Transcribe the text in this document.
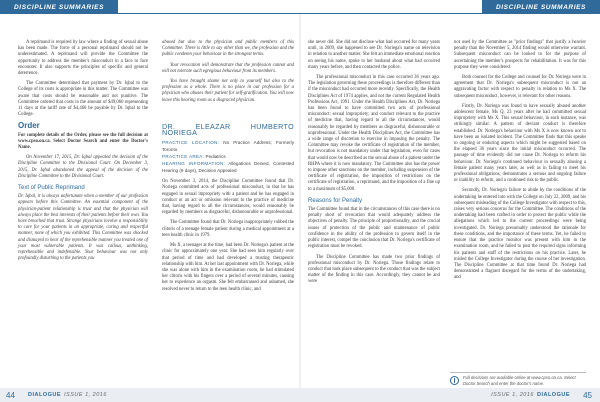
DISCIPLINE SUMMARIES	DISCIPLINE SUMMARIES

A reprimand is required by law where a finding of sexual abuse has been made. The force of a personal reprimand should not be underestimated. A reprimand will provide the Committee the opportunity to address the member's misconduct in a face to face encounter. It also supports the principles of specific and general deterrence.

The Committee determined that payment by Dr. Iqbal to the College of its costs is appropriate in this matter. The Committee was aware that costs should be reasonable and not punitive. The Committee ordered that costs in the amount of $49,060 representing 11 days at the tariff rate of $4,460 be payable by Dr. Iqbal to the College.

Order

For complete details of the Order, please see the full decision at www.cpso.on.ca. Select Doctor Search and enter the Doctor's Name.

On November 17, 2015, Dr. Iqbal appealed the decision of the Discipline Committee to the Divisional Court. On December 3, 2015, Dr. Iqbal abandoned the appeal of the decision of the Discipline Committee to the Divisional Court.

Text of Public Reprimand

Dr. Iqbal, it is always unfortunate when a member of our profession appears before this Committee. An essential component of the physician-patient relationship is trust and that the physician will always place the best interests of their patients before their own. You have breached that trust. Strange physicians involve a responsibility to care for your patients in an appropriate, caring and respectful manner, none of which you exhibited. This Committee was shocked and dismayed to hear of the reprehensible manner you treated one of your most vulnerable patients. It was callous, unthinking, reprehensible and indefensible. Your behaviour was not only profoundly disturbing to the patients you

abused but also to the physician and public members of this Committee. There is little to say other than we, the profession and the public condemn your behaviour in the strongest terms.

Your revocation will demonstrate that the profession cannot and will not tolerate such egregious behaviour from its members.

You have brought shame not only to yourself but also to the profession as a whole. There is no place in our profession for a physician who abuses their patient for self-gratification. You will now leave this hearing room as a disgraced physician.

DR. ELEAZAR HUMBERTO NORIEGA
PRACTICE LOCATION: No Practice Address; Formerly Toronto
PRACTICE AREA: Pediatrics
HEARING INFORMATION: Allegations Denied, Contested Hearing (9 days), Decision Appealed

On November 3, 2014, the Discipline Committee found that Dr. Noriega committed acts of professional misconduct, in that he has engaged in sexual impropriety with a patient and he has engaged in conduct or an act or omission relevant to the practice of medicine that, having regard to all the circumstances, would reasonably be regarded by members as disgraceful, dishonourable or unprofessional.

The Committee found that Dr. Noriega inappropriately rubbed the clitoris of a teenage female patient during a medical appointment at a teen health clinic in 1979.

Ms X, a teenager at the time, had been Dr. Noriega's patient at the clinic for approximately one year. She had seen him regularly over that period of time and had developed a trusting therapeutic relationship with him. At her last appointment with Dr. Noriega, while she was alone with him in the examination room, he had stimulated her clitoris with his fingers over a period of several minutes, causing her to experience an orgasm. She felt embarrassed and ashamed, she resolved never to return to the teen health clinic, and

she never did. She did not disclose what had occurred for many years until, in 2009, she happened to see Dr. Noriega's name on television in relation to another matter. She felt an immediate emotional reaction on seeing his name, spoke to her husband about what had occurred many years before, and then contacted the police.

The professional misconduct in this case occurred 36 years ago. The legislation governing these proceedings is therefore different than if the misconduct had occurred more recently. Specifically, the Health Disciplines Act of 1974 applies, and not the current Regulated Health Professions Act, 1991. Under the Health Disciplines Act, Dr. Noriega has been found to have committed two acts of professional misconduct: sexual impropriety; and conduct relevant to the practice of medicine that, having regard to all the circumstances, would reasonably be regarded by members as disgraceful, dishonourable or unprofessional. Under the Health Disciplines Act, the Committee has a wide range of discretion to exercise in imposing the penalty. The Committee may revoke the certificate of registration of the member, but revocation is not mandatory under that legislation, even for cases that would now be described as the sexual abuse of a patient under the RHPA where it is now mandatory. The Committee also has the power to impose other sanctions on the member, including suspension of the certificate of registration, the imposition of restrictions on the certificate of registration, a reprimand, and the imposition of a fine up to a maximum of $5,000.

Reasons for Penalty

The Committee found that in the circumstances of this case there is no penalty short of revocation that would adequately address the objectives of penalty. The principle of proportionality, and the crucial issues of protection of the public and maintenance of public confidence in the ability of the profession to govern itself in the public interest, compel the conclusion that Dr. Noriega's certificate of registration must be revoked.

The Discipline Committee has made two prior findings of professional misconduct by Dr. Noriega. Those findings relate to conduct that took place subsequent to the conduct that was the subject matter of the finding in this case. Accordingly, they cannot be and were

not used by the Committee as "prior findings" that justify a heavier penalty than the November 5, 2014 finding would otherwise warrant. Subsequent misconduct can be looked to for the purpose of ascertaining the member's prospects for rehabilitation. It was for this purpose they were considered.

Both counsel for the College and counsel for Dr. Noriega were in agreement that Dr. Noriega's subsequent misconduct is not an aggravating factor with respect to penalty in relation to Ms X. The subsequent misconduct, however, is relevant for other reasons.

Firstly, Dr. Noriega was found to have sexually abused another adolescent female, Ms Q, 23 years after he had committed sexual impropriety with Ms X. This sexual behaviour, in each instance, was strikingly similar. A pattern of deviant conduct is therefore established. Dr. Noriega's behaviour with Ms X is now known not to have been an isolated incident. The Committee finds that this speaks to ongoing or enduring aspects which might be suggested based on the elapsed 36 years since the initial misconduct occurred. The passage of time evidently did not cause Dr. Noriega to reform his behaviour. Dr. Noriega's continued behaviour in sexually abusing a female patient many years later, as well as in failing to meet his professional obligations, demonstrates a serious and ongoing failure or inability to reform, and a continued risk to the public.

Secondly, Dr. Noriega's failure to abide by the conditions of the undertaking he entered into with the College on July 22, 2009, and his subsequent misleading of the College Investigator with respect to this, raises very serious concerns for the Committee. The conditions of the undertaking had been crafted in order to protect the public while the allegations which led to the current proceedings were being investigated. Dr. Noriega presumably understood the rationale for these conditions, and the importance of these terms. Yet, he failed to ensure that the practice monitor was present with him in the examination room, and he failed to post the required signs informing his patients and staff of the restrictions on his practice. Later, he misled the College Investigator during the course of her investigation. The Discipline Committee at that time found Dr. Noriega had demonstrated a flagrant disregard for the terms of the undertaking, and

Full decisions are available online at www.cpso.on.ca. Select Doctor Search and enter the doctor's name.
44 DIALOGUE ISSUE 1, 2016	ISSUE 1, 2016 DIALOGUE 45
